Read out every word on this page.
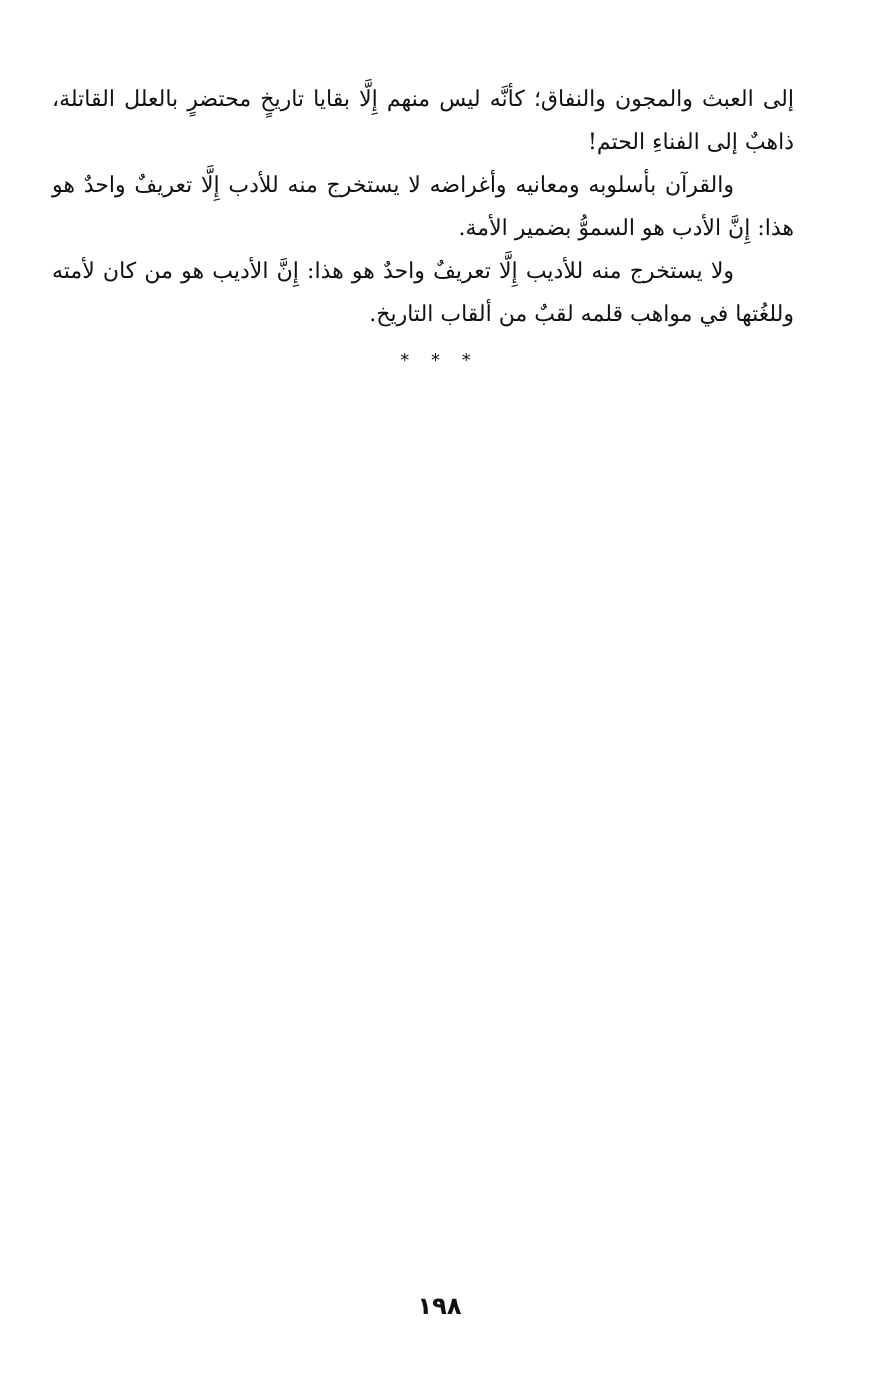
إلى العبث والمجون والنفاق؛ كأنَّه ليس منهم إِلَّا بقايا تاريخٍ محتضرٍ بالعلل القاتلة، ذاهبٌ إلى الفناءِ الحتم!

والقرآن بأسلوبه ومعانيه وأغراضه لا يستخرج منه للأدب إِلَّا تعريفٌ واحدٌ هو هذا: إِنَّ الأدب هو السموُّ بضمير الأمة.

ولا يستخرج منه للأديب إِلَّا تعريفٌ واحدٌ هو هذا: إِنَّ الأديب هو من كان لأمته وللغُتها في مواهب قلمه لقبٌ من ألقاب التاريخ.

* * *
١٩٨
